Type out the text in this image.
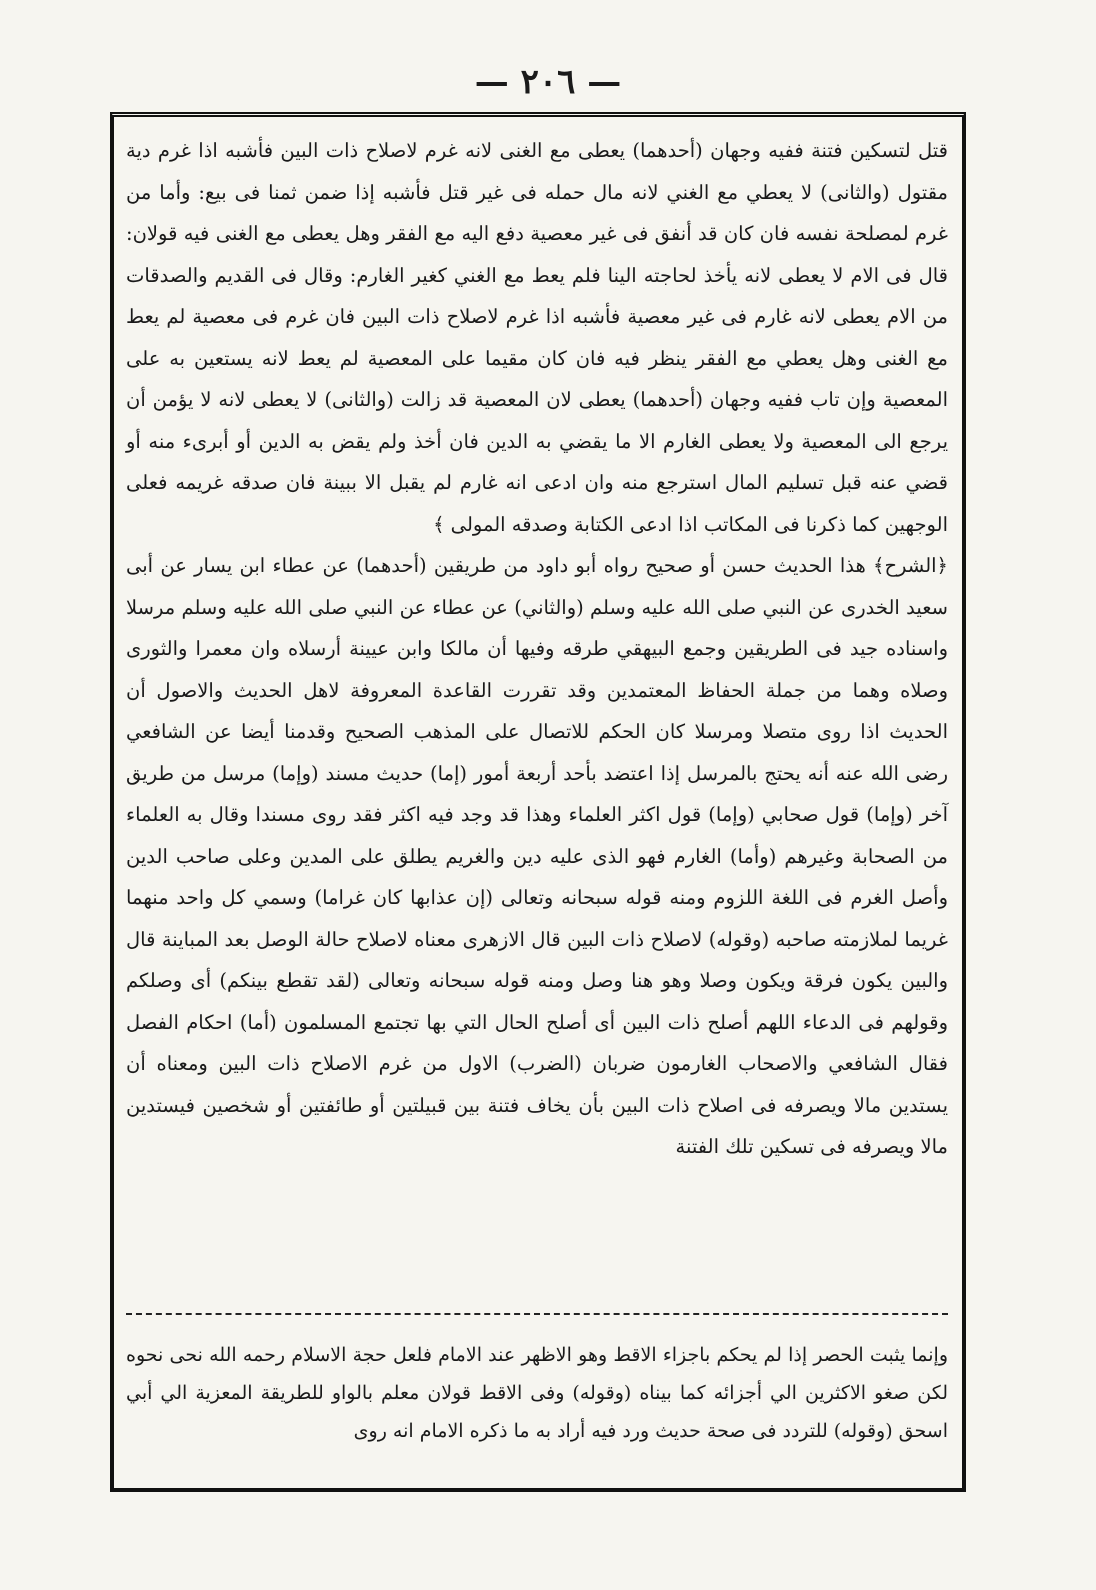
— ٢٠٦ —

قتل لتسكين فتنة ففيه وجهان (أحدهما) يعطى مع الغنى لانه غرم لاصلاح ذات البين فأشبه اذا غرم دية مقتول (والثانى) لا يعطي مع الغني لانه مال حمله فى غير قتل فأشبه إذا ضمن ثمنا فى بيع: وأما من غرم لمصلحة نفسه فان كان قد أنفق فى غير معصية دفع اليه مع الفقر وهل يعطى مع الغنى فيه قولان: قال فى الام لا يعطى لانه يأخذ لحاجته الينا فلم يعط مع الغني كغير الغارم: وقال فى القديم والصدقات من الام يعطى لانه غارم فى غير معصية فأشبه اذا غرم لاصلاح ذات البين فان غرم فى معصية لم يعط مع الغنى وهل يعطي مع الفقر ينظر فيه فان كان مقيما على المعصية لم يعط لانه يستعين به على المعصية وإن تاب ففيه وجهان (أحدهما) يعطى لان المعصية قد زالت (والثانى) لا يعطى لانه لا يؤمن أن يرجع الى المعصية ولا يعطى الغارم الا ما يقضي به الدين فان أخذ ولم يقض به الدين أو أبرىء منه أو قضي عنه قبل تسليم المال استرجع منه وان ادعى انه غارم لم يقبل الا ببينة فان صدقه غريمه فعلى الوجهين كما ذكرنا فى المكاتب اذا ادعى الكتابة وصدقه المولى ﴾

﴿الشرح﴾ هذا الحديث حسن أو صحيح رواه أبو داود من طريقين (أحدهما) عن عطاء ابن يسار عن أبى سعيد الخدرى عن النبي صلى الله عليه وسلم (والثاني) عن عطاء عن النبي صلى الله عليه وسلم مرسلا واسناده جيد فى الطريقين وجمع البيهقي طرقه وفيها أن مالكا وابن عيينة أرسلاه وان معمرا والثورى وصلاه وهما من جملة الحفاظ المعتمدين وقد تقررت القاعدة المعروفة لاهل الحديث والاصول أن الحديث اذا روى متصلا ومرسلا كان الحكم للاتصال على المذهب الصحيح وقدمنا أيضا عن الشافعي رضى الله عنه أنه يحتج بالمرسل إذا اعتضد بأحد أربعة أمور (إما) حديث مسند (وإما) مرسل من طريق آخر (وإما) قول صحابي (وإما) قول اكثر العلماء وهذا قد وجد فيه اكثر فقد روى مسندا وقال به العلماء من الصحابة وغيرهم (وأما) الغارم فهو الذى عليه دين والغريم يطلق على المدين وعلى صاحب الدين وأصل الغرم فى اللغة اللزوم ومنه قوله سبحانه وتعالى (إن عذابها كان غراما) وسمي كل واحد منهما غريما لملازمته صاحبه (وقوله) لاصلاح ذات البين قال الازهرى معناه لاصلاح حالة الوصل بعد المباينة قال والبين يكون فرقة ويكون وصلا وهو هنا وصل ومنه قوله سبحانه وتعالى (لقد تقطع بينكم) أى وصلكم وقولهم فى الدعاء اللهم أصلح ذات البين أى أصلح الحال التي بها تجتمع المسلمون (أما) احكام الفصل فقال الشافعي والاصحاب الغارمون ضربان (الضرب) الاول من غرم الاصلاح ذات البين ومعناه أن يستدين مالا ويصرفه فى اصلاح ذات البين بأن يخاف فتنة بين قبيلتين أو طائفتين أو شخصين فيستدين مالا ويصرفه فى تسكين تلك الفتنة

وإنما يثبت الحصر إذا لم يحكم باجزاء الاقط وهو الاظهر عند الامام فلعل حجة الاسلام رحمه الله نحى نحوه لكن صغو الاكثرين الي أجزائه كما بيناه (وقوله) وفى الاقط قولان معلم بالواو للطريقة المعزية الي أبي اسحق (وقوله) للتردد فى صحة حديث ورد فيه أراد به ما ذكره الامام انه روى
